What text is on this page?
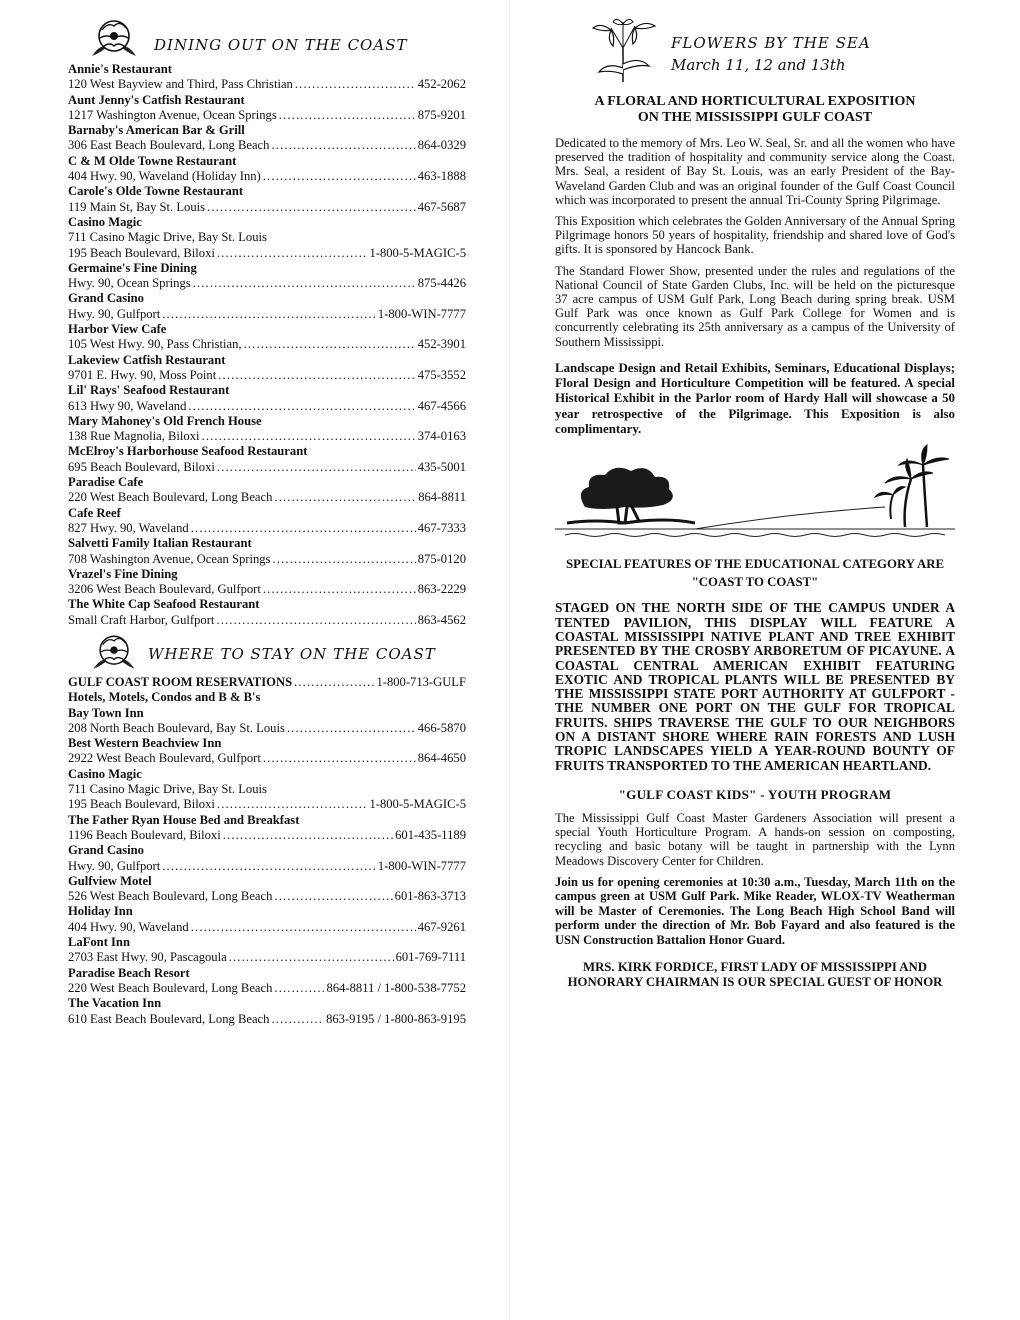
DINING OUT ON THE COAST
Annie's Restaurant
120 West Bayview and Third, Pass Christian . . .	452-2062
Aunt Jenny's Catfish Restaurant
1217 Washington Avenue, Ocean Springs . . .	875-9201
Barnaby's American Bar & Grill
306 East Beach Boulevard, Long Beach . . .	864-0329
C & M Olde Towne Restaurant
404 Hwy. 90, Waveland (Holiday Inn) . . .	463-1888
Carole's Olde Towne Restaurant
119 Main St, Bay St. Louis . . .	467-5687
Casino Magic
711 Casino Magic Drive, Bay St. Louis
195 Beach Boulevard, Biloxi . . .	1-800-5-MAGIC-5
Germaine's Fine Dining
Hwy. 90, Ocean Springs . . .	875-4426
Grand Casino
Hwy. 90, Gulfport . . .	1-800-WIN-7777
Harbor View Cafe
105 West Hwy. 90, Pass Christian, . . .	452-3901
Lakeview Catfish Restaurant
9701 E. Hwy. 90, Moss Point . . .	475-3552
Lil' Rays' Seafood Restaurant
613 Hwy 90, Waveland . . .	467-4566
Mary Mahoney's Old French House
138 Rue Magnolia, Biloxi . . .	374-0163
McElroy's Harborhouse Seafood Restaurant
695 Beach Boulevard, Biloxi . . .	435-5001
Paradise Cafe
220 West Beach Boulevard, Long Beach . . .	864-8811
Cafe Reef
827 Hwy. 90, Waveland . . .	467-7333
Salvetti Family Italian Restaurant
708 Washington Avenue, Ocean Springs . . .	875-0120
Vrazel's Fine Dining
3206 West Beach Boulevard, Gulfport . . .	863-2229
The White Cap Seafood Restaurant
Small Craft Harbor, Gulfport . . .	863-4562
WHERE TO STAY ON THE COAST
GULF COAST ROOM RESERVATIONS . . .	1-800-713-GULF
Hotels, Motels, Condos and B & B's
Bay Town Inn
208 North Beach Boulevard, Bay St. Louis . . .	466-5870
Best Western Beachview Inn
2922 West Beach Boulevard, Gulfport . . .	864-4650
Casino Magic
711 Casino Magic Drive, Bay St. Louis
195 Beach Boulevard, Biloxi . . .	1-800-5-MAGIC-5
The Father Ryan House Bed and Breakfast
1196 Beach Boulevard, Biloxi . . .	601-435-1189
Grand Casino
Hwy. 90, Gulfport . . .	1-800-WIN-7777
Gulfview Motel
526 West Beach Boulevard, Long Beach . . .	601-863-3713
Holiday Inn
404 Hwy. 90, Waveland . . .	467-9261
LaFont Inn
2703 East Hwy. 90, Pascagoula . . .	601-769-7111
Paradise Beach Resort
220 West Beach Boulevard, Long Beach . . .	864-8811 / 1-800-538-7752
The Vacation Inn
610 East Beach Boulevard, Long Beach . . .	863-9195 / 1-800-863-9195
FLOWERS BY THE SEA
March 11, 12 and 13th
A FLORAL AND HORTICULTURAL EXPOSITION
ON THE MISSISSIPPI GULF COAST

Dedicated to the memory of Mrs. Leo W. Seal, Sr. and all the women who have preserved the tradition of hospitality and community service along the Coast. Mrs. Seal, a resident of Bay St. Louis, was an early President of the Bay-Waveland Garden Club and was an original founder of the Gulf Coast Council which was incorporated to present the annual Tri-County Spring Pilgrimage.

This Exposition which celebrates the Golden Anniversary of the Annual Spring Pilgrimage honors 50 years of hospitality, friendship and shared love of God's gifts. It is sponsored by Hancock Bank.

The Standard Flower Show, presented under the rules and regulations of the National Council of State Garden Clubs, Inc. will be held on the picturesque 37 acre campus of USM Gulf Park, Long Beach during spring break. USM Gulf Park was once known as Gulf Park College for Women and is concurrently celebrating its 25th anniversary as a campus of the University of Southern Mississippi.

Landscape Design and Retail Exhibits, Seminars, Educational Displays; Floral Design and Horticulture Competition will be featured. A special Historical Exhibit in the Parlor room of Hardy Hall will showcase a 50 year retrospective of the Pilgrimage. This Exposition is also complimentary.

SPECIAL FEATURES OF THE EDUCATIONAL CATEGORY ARE
"COAST TO COAST"
STAGED ON THE NORTH SIDE OF THE CAMPUS UNDER A TENTED PAVILION, THIS DISPLAY WILL FEATURE A COASTAL MISSISSIPPI NATIVE PLANT AND TREE EXHIBIT PRESENTED BY THE CROSBY ARBORETUM OF PICAYUNE. A COASTAL CENTRAL AMERICAN EXHIBIT FEATURING EXOTIC AND TROPICAL PLANTS WILL BE PRESENTED BY THE MISSISSIPPI STATE PORT AUTHORITY AT GULFPORT - THE NUMBER ONE PORT ON THE GULF FOR TROPICAL FRUITS. SHIPS TRAVERSE THE GULF TO OUR NEIGHBORS ON A DISTANT SHORE WHERE RAIN FORESTS AND LUSH TROPIC LANDSCAPES YIELD A YEAR-ROUND BOUNTY OF FRUITS TRANSPORTED TO THE AMERICAN HEARTLAND.
"GULF COAST KIDS" - YOUTH PROGRAM

The Mississippi Gulf Coast Master Gardeners Association will present a special Youth Horticulture Program. A hands-on session on composting, recycling and basic botany will be taught in partnership with the Lynn Meadows Discovery Center for Children.

Join us for opening ceremonies at 10:30 a.m., Tuesday, March 11th on the campus green at USM Gulf Park. Mike Reader, WLOX-TV Weatherman will be Master of Ceremonies. The Long Beach High School Band will perform under the direction of Mr. Bob Fayard and also featured is the USN Construction Battalion Honor Guard.

MRS. KIRK FORDICE, FIRST LADY OF MISSISSIPPI AND
HONORARY CHAIRMAN IS OUR SPECIAL GUEST OF HONOR
